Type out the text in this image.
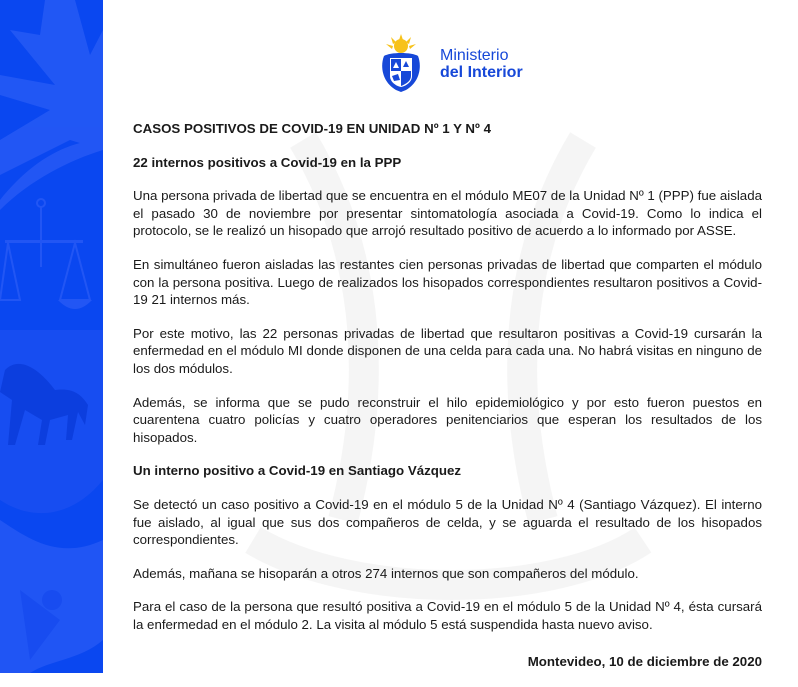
Ministerio
del Interior

CASOS POSITIVOS DE COVID-19 EN UNIDAD Nº 1 Y Nº 4

22 internos positivos a Covid-19 en la PPP

Una persona privada de libertad que se encuentra en el módulo ME07 de la Unidad Nº 1 (PPP) fue aislada el pasado 30 de noviembre por presentar sintomatología asociada a Covid-19. Como lo indica el protocolo, se le realizó un hisopado que arrojó resultado positivo de acuerdo a lo informado por ASSE.

En simultáneo fueron aisladas las restantes cien personas privadas de libertad que comparten el módulo con la persona positiva. Luego de realizados los hisopados correspondientes resultaron positivos a Covid-19 21 internos más.

Por este motivo, las 22 personas privadas de libertad que resultaron positivas a Covid-19 cursarán la enfermedad en el módulo MI donde disponen de una celda para cada una. No habrá visitas en ninguno de los dos módulos.

Además, se informa que se pudo reconstruir el hilo epidemiológico y por esto fueron puestos en cuarentena cuatro policías y cuatro operadores penitenciarios que esperan los resultados de los hisopados.

Un interno positivo a Covid-19 en Santiago Vázquez

Se detectó un caso positivo a Covid-19 en el módulo 5 de la Unidad Nº 4 (Santiago Vázquez). El interno fue aislado, al igual que sus dos compañeros de celda, y se aguarda el resultado de los hisopados correspondientes.

Además, mañana se hisoparán a otros 274 internos que son compañeros del módulo.

Para el caso de la persona que resultó positiva a Covid-19 en el módulo 5 de la Unidad Nº 4, ésta cursará la enfermedad en el módulo 2. La visita al módulo 5 está suspendida hasta nuevo aviso.

Montevideo, 10 de diciembre de 2020
